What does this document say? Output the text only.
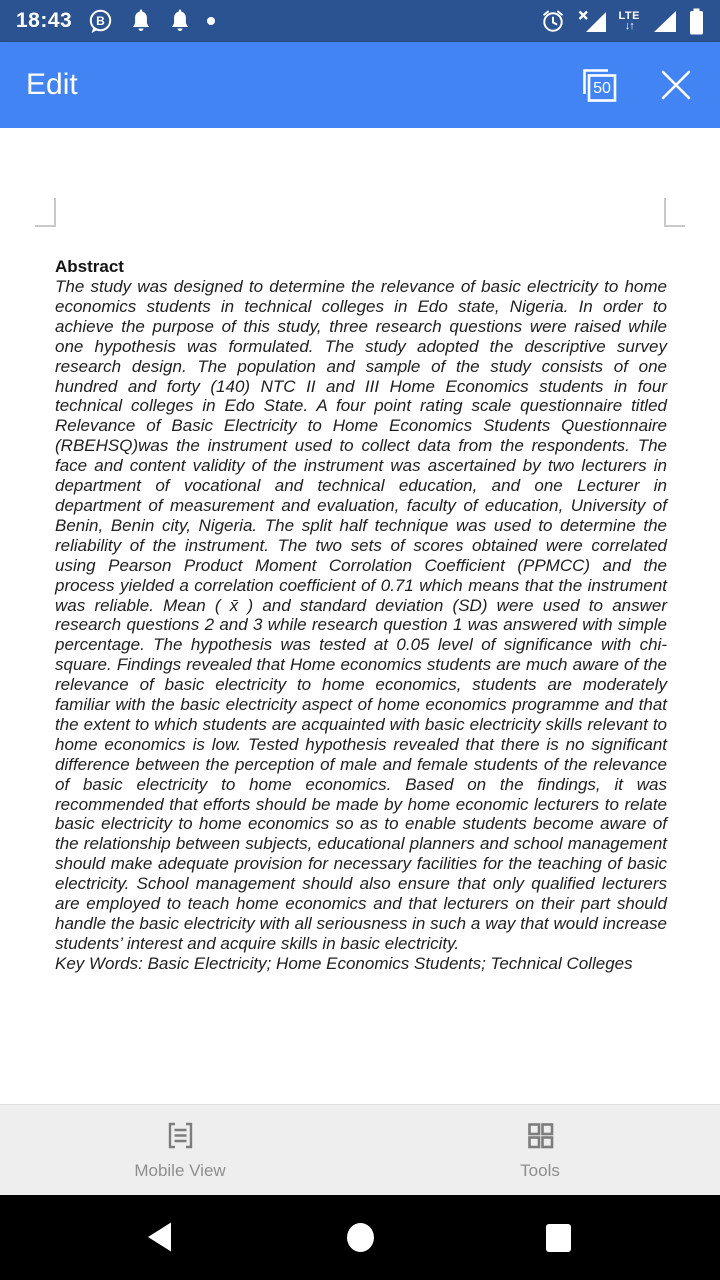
18:43 B	LTE
↓↑
Edit	50
Abstract

The study was designed to determine the relevance of basic electricity to home economics students in technical colleges in Edo state, Nigeria. In order to achieve the purpose of this study, three research questions were raised while one hypothesis was formulated. The study adopted the descriptive survey research design. The population and sample of the study consists of one hundred and forty (140) NTC II and III Home Economics students in four technical colleges in Edo State. A four point rating scale questionnaire titled Relevance of Basic Electricity to Home Economics Students Questionnaire (RBEHSQ)was the instrument used to collect data from the respondents. The face and content validity of the instrument was ascertained by two lecturers in department of vocational and technical education, and one Lecturer in department of measurement and evaluation, faculty of education, University of Benin, Benin city, Nigeria. The split half technique was used to determine the reliability of the instrument. The two sets of scores obtained were correlated using Pearson Product Moment Corrolation Coefficient (PPMCC) and the process yielded a correlation coefficient of 0.71 which means that the instrument was reliable. Mean ( x̄ ) and standard deviation (SD) were used to answer research questions 2 and 3 while research question 1 was answered with simple percentage. The hypothesis was tested at 0.05 level of significance with chi-square. Findings revealed that Home economics students are much aware of the relevance of basic electricity to home economics, students are moderately familiar with the basic electricity aspect of home economics programme and that the extent to which students are acquainted with basic electricity skills relevant to home economics is low. Tested hypothesis revealed that there is no significant difference between the perception of male and female students of the relevance of basic electricity to home economics. Based on the findings, it was recommended that efforts should be made by home economic lecturers to relate basic electricity to home economics so as to enable students become aware of the relationship between subjects, educational planners and school management should make adequate provision for necessary facilities for the teaching of basic electricity. School management should also ensure that only qualified lecturers are employed to teach home economics and that lecturers on their part should handle the basic electricity with all seriousness in such a way that would increase students’ interest and acquire skills in basic electricity.

Key Words: Basic Electricity; Home Economics Students; Technical Colleges

Mobile View	Tools
